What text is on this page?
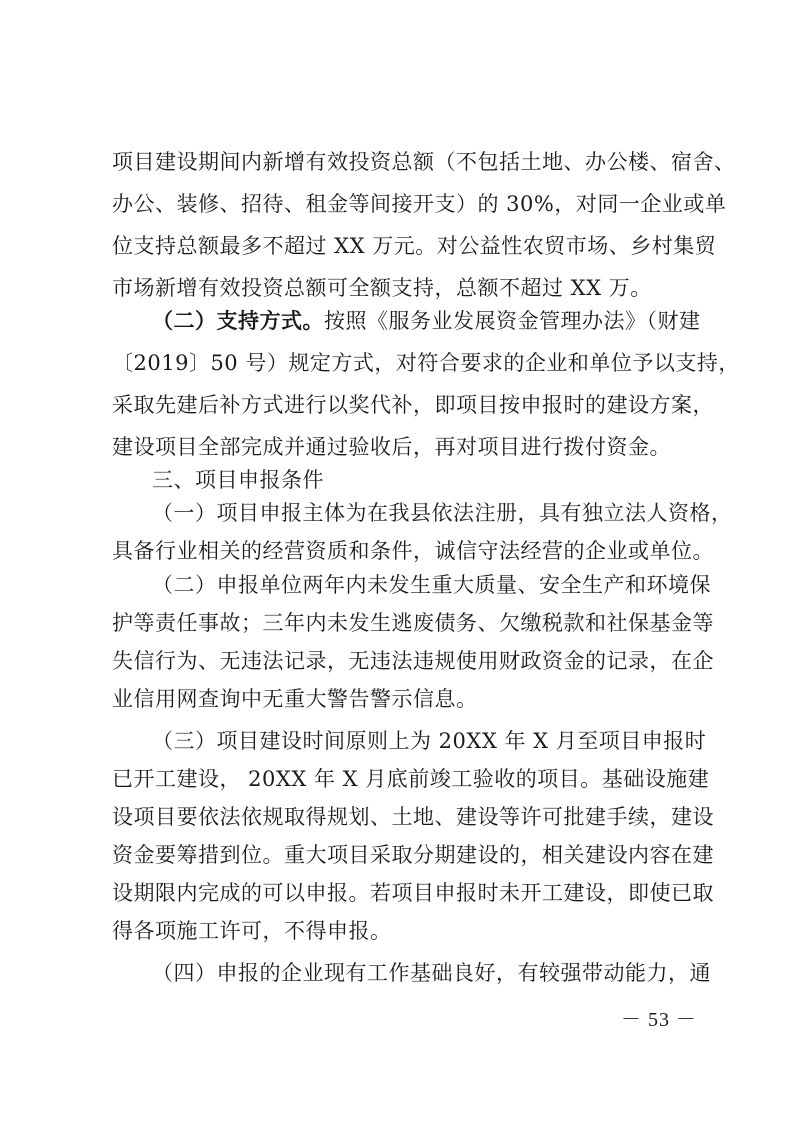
项目建设期间内新增有效投资总额（不包括土地、办公楼、宿舍、
办公、装修、招待、租金等间接开支）的 30%，对同一企业或单
位支持总额最多不超过 XX 万元。对公益性农贸市场、乡村集贸
市场新增有效投资总额可全额支持，总额不超过 XX 万。
（二）支持方式。按照《服务业发展资金管理办法》（财建
〔2019〕50 号）规定方式，对符合要求的企业和单位予以支持，
采取先建后补方式进行以奖代补，即项目按申报时的建设方案，
建设项目全部完成并通过验收后，再对项目进行拨付资金。
三、项目申报条件
（一）项目申报主体为在我县依法注册，具有独立法人资格，
具备行业相关的经营资质和条件，诚信守法经营的企业或单位。
（二）申报单位两年内未发生重大质量、安全生产和环境保
护等责任事故；三年内未发生逃废债务、欠缴税款和社保基金等
失信行为、无违法记录，无违法违规使用财政资金的记录，在企
业信用网查询中无重大警告警示信息。
（三）项目建设时间原则上为 20XX 年 X 月至项目申报时
已开工建设， 20XX 年 X 月底前竣工验收的项目。基础设施建
设项目要依法依规取得规划、土地、建设等许可批建手续，建设
资金要筹措到位。重大项目采取分期建设的，相关建设内容在建
设期限内完成的可以申报。若项目申报时未开工建设，即使已取
得各项施工许可，不得申报。
（四）申报的企业现有工作基础良好，有较强带动能力，通
－ 53 －
